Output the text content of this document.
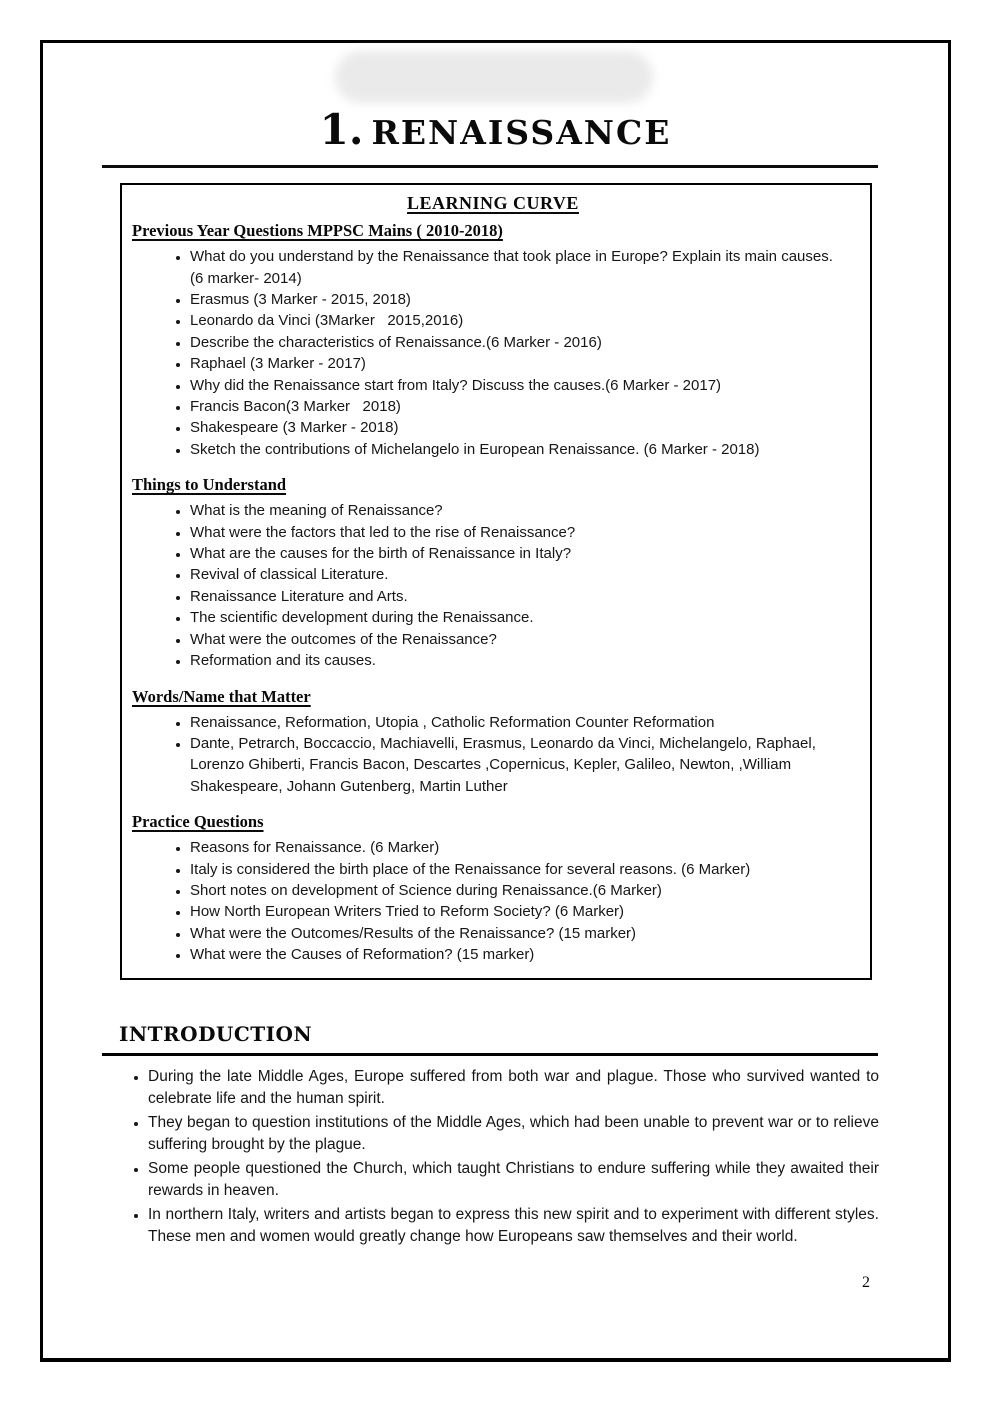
1. RENAISSANCE
LEARNING CURVE
Previous Year Questions MPPSC Mains ( 2010-2018)
• What do you understand by the Renaissance that took place in Europe? Explain its main causes. (6 marker- 2014)
• Erasmus (3 Marker - 2015, 2018)
• Leonardo da Vinci (3Marker   2015,2016)
• Describe the characteristics of Renaissance.(6 Marker - 2016)
• Raphael (3 Marker - 2017)
• Why did the Renaissance start from Italy? Discuss the causes.(6 Marker - 2017)
• Francis Bacon(3 Marker   2018)
• Shakespeare (3 Marker - 2018)
• Sketch the contributions of Michelangelo in European Renaissance. (6 Marker - 2018)
Things to Understand
• What is the meaning of Renaissance?
• What were the factors that led to the rise of Renaissance?
• What are the causes for the birth of Renaissance in Italy?
• Revival of classical Literature.
• Renaissance Literature and Arts.
• The scientific development during the Renaissance.
• What were the outcomes of the Renaissance?
• Reformation and its causes.
Words/Name that Matter
• Renaissance, Reformation, Utopia , Catholic Reformation Counter Reformation
• Dante, Petrarch, Boccaccio, Machiavelli, Erasmus, Leonardo da Vinci, Michelangelo, Raphael, Lorenzo Ghiberti, Francis Bacon, Descartes ,Copernicus, Kepler, Galileo, Newton, ,William Shakespeare, Johann Gutenberg, Martin Luther
Practice Questions
• Reasons for Renaissance. (6 Marker)
• Italy is considered the birth place of the Renaissance for several reasons. (6 Marker)
• Short notes on development of Science during Renaissance.(6 Marker)
• How North European Writers Tried to Reform Society? (6 Marker)
• What were the Outcomes/Results of the Renaissance? (15 marker)
• What were the Causes of Reformation? (15 marker)
INTRODUCTION
• During the late Middle Ages, Europe suffered from both war and plague. Those who survived wanted to celebrate life and the human spirit.
• They began to question institutions of the Middle Ages, which had been unable to prevent war or to relieve suffering brought by the plague.
• Some people questioned the Church, which taught Christians to endure suffering while they awaited their rewards in heaven.
• In northern Italy, writers and artists began to express this new spirit and to experiment with different styles. These men and women would greatly change how Europeans saw themselves and their world.
2
